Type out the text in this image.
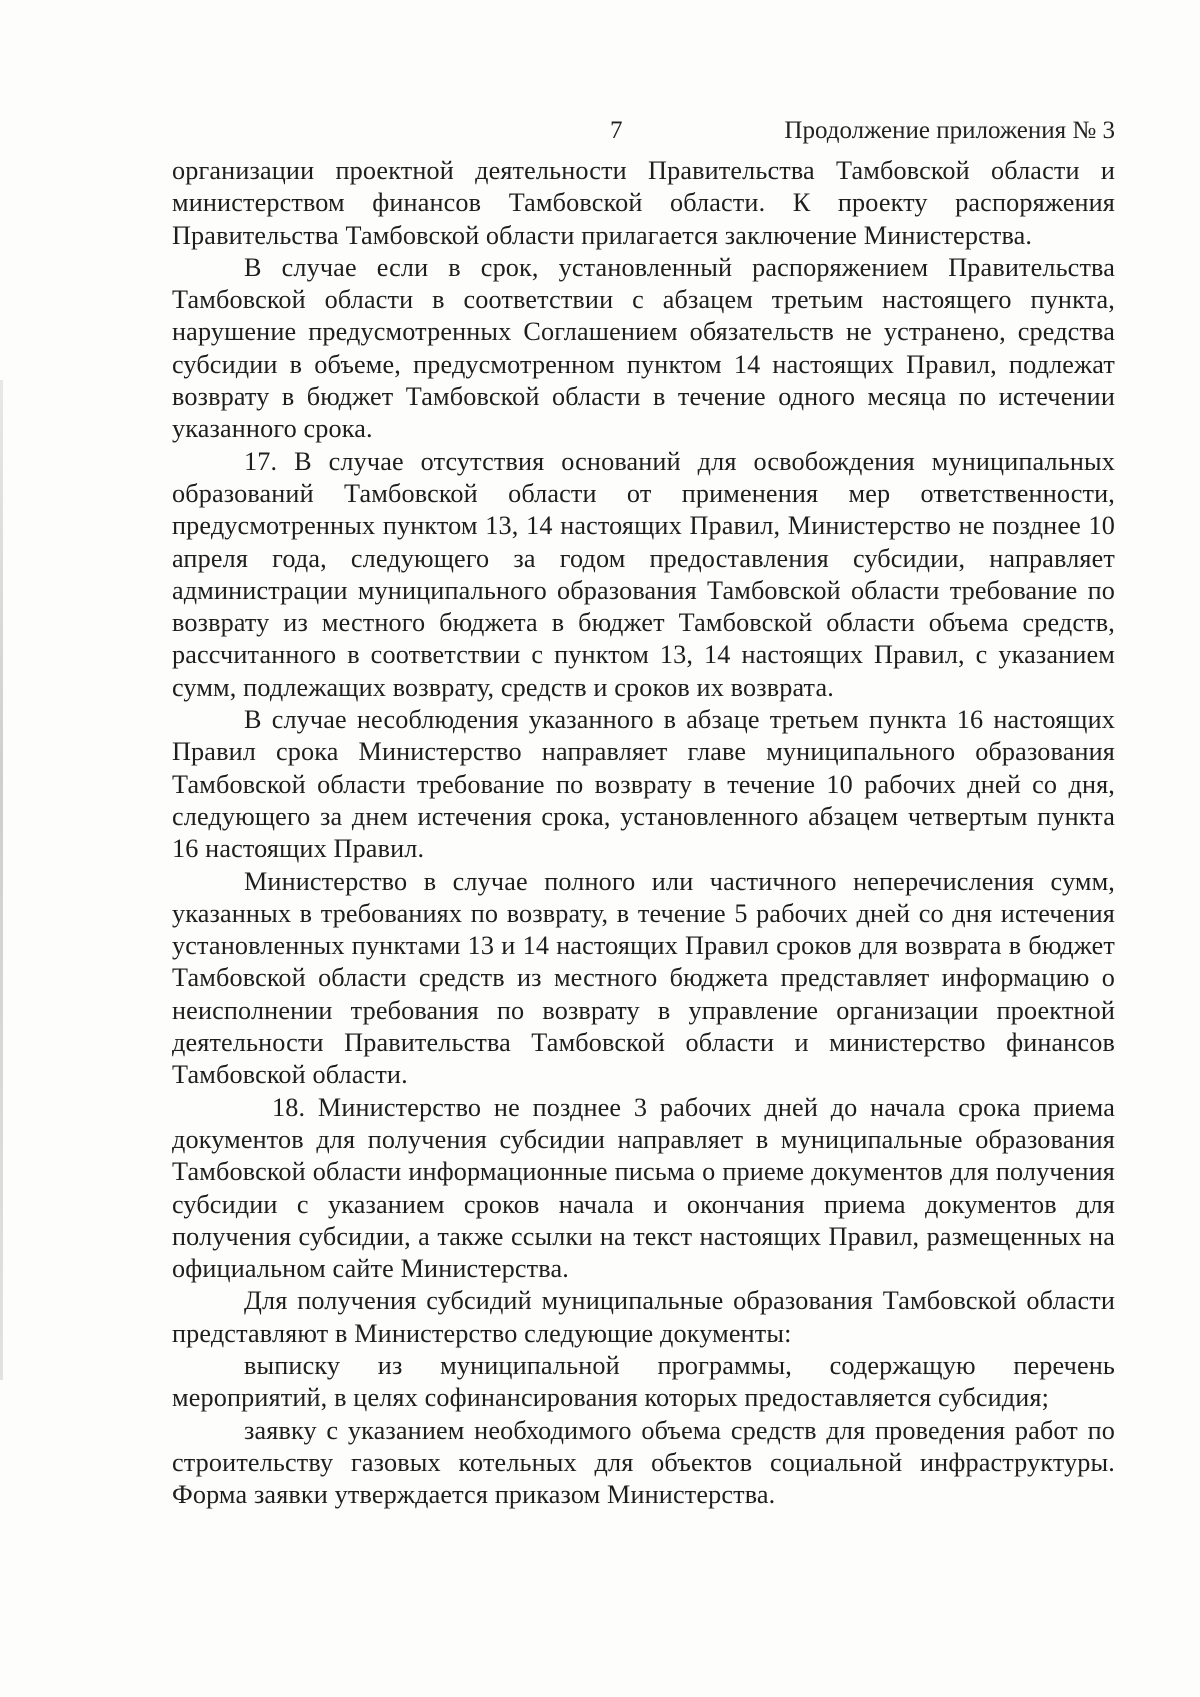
7	Продолжение приложения № 3

организации проектной деятельности Правительства Тамбовской области и министерством финансов Тамбовской области. К проекту распоряжения Правительства Тамбовской области прилагается заключение Министерства.

В случае если в срок, установленный распоряжением Правительства Тамбовской области в соответствии с абзацем третьим настоящего пункта, нарушение предусмотренных Соглашением обязательств не устранено, средства субсидии в объеме, предусмотренном пунктом 14 настоящих Правил, подлежат возврату в бюджет Тамбовской области в течение одного месяца по истечении указанного срока.

17. В случае отсутствия оснований для освобождения муниципальных образований Тамбовской области от применения мер ответственности, предусмотренных пунктом 13, 14 настоящих Правил, Министерство не позднее 10 апреля года, следующего за годом предоставления субсидии, направляет администрации муниципального образования Тамбовской области требование по возврату из местного бюджета в бюджет Тамбовской области объема средств, рассчитанного в соответствии с пунктом 13, 14 настоящих Правил, с указанием сумм, подлежащих возврату, средств и сроков их возврата.

В случае несоблюдения указанного в абзаце третьем пункта 16 настоящих Правил срока Министерство направляет главе муниципального образования Тамбовской области требование по возврату в течение 10 рабочих дней со дня, следующего за днем истечения срока, установленного абзацем четвертым пункта 16 настоящих Правил.

Министерство в случае полного или частичного неперечисления сумм, указанных в требованиях по возврату, в течение 5 рабочих дней со дня истечения установленных пунктами 13 и 14 настоящих Правил сроков для возврата в бюджет Тамбовской области средств из местного бюджета представляет информацию о неисполнении требования по возврату в управление организации проектной деятельности Правительства Тамбовской области и министерство финансов Тамбовской области.

18. Министерство не позднее 3 рабочих дней до начала срока приема документов для получения субсидии направляет в муниципальные образования Тамбовской области информационные письма о приеме документов для получения субсидии с указанием сроков начала и окончания приема документов для получения субсидии, а также ссылки на текст настоящих Правил, размещенных на официальном сайте Министерства.

Для получения субсидий муниципальные образования Тамбовской области представляют в Министерство следующие документы:

выписку из муниципальной программы, содержащую перечень мероприятий, в целях софинансирования которых предоставляется субсидия;

заявку с указанием необходимого объема средств для проведения работ по строительству газовых котельных для объектов социальной инфраструктуры. Форма заявки утверждается приказом Министерства.
